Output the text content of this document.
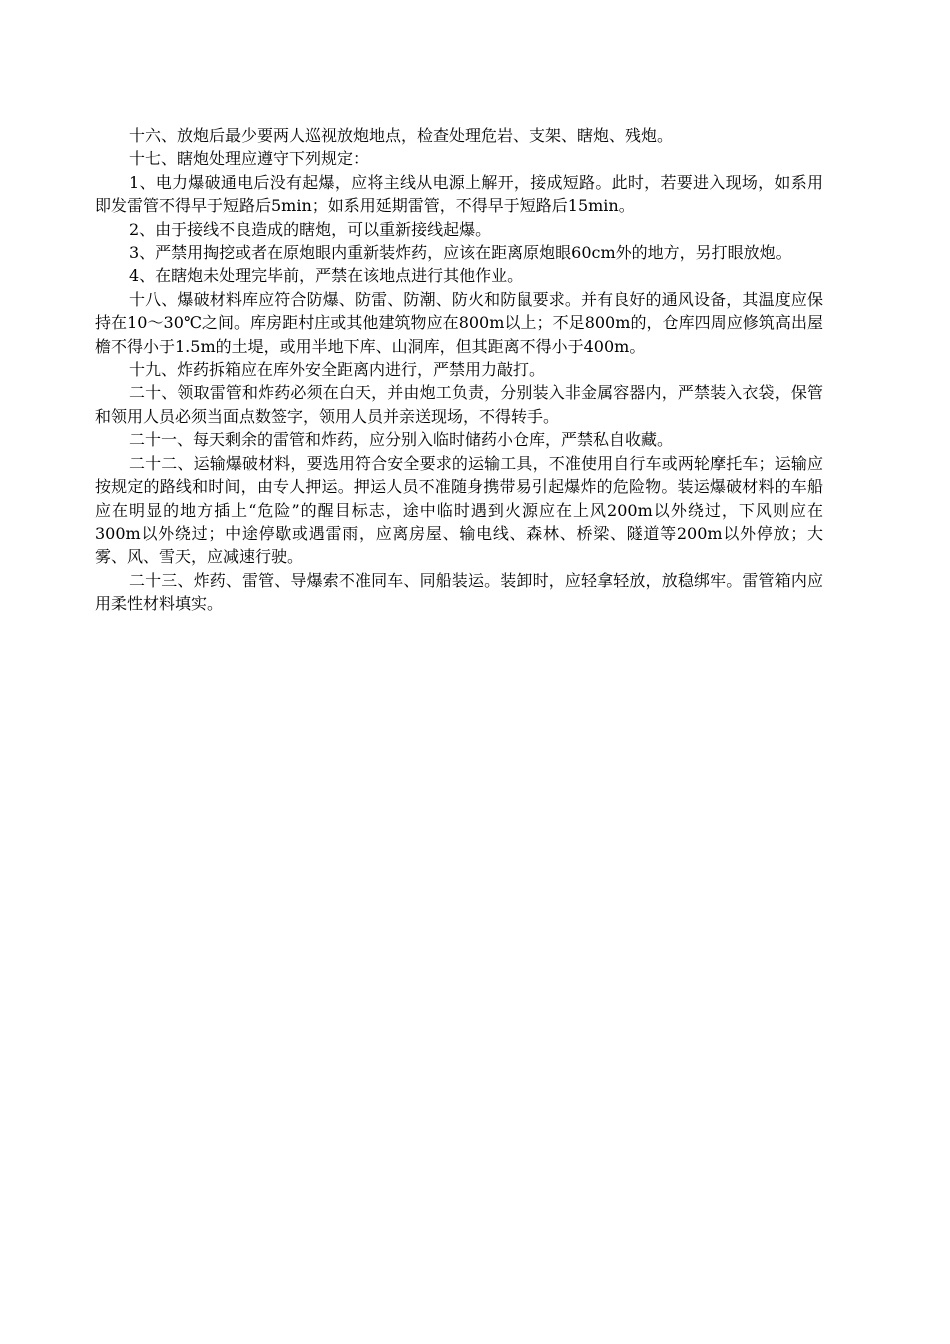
十六、放炮后最少要两人巡视放炮地点，检查处理危岩、支架、瞎炮、残炮。

十七、瞎炮处理应遵守下列规定：

1、电力爆破通电后没有起爆，应将主线从电源上解开，接成短路。此时，若要进入现场，如系用即发雷管不得早于短路后5min；如系用延期雷管，不得早于短路后15min。

2、由于接线不良造成的瞎炮，可以重新接线起爆。

3、严禁用掏挖或者在原炮眼内重新装炸药，应该在距离原炮眼60cm外的地方，另打眼放炮。

4、在瞎炮未处理完毕前，严禁在该地点进行其他作业。

十八、爆破材料库应符合防爆、防雷、防潮、防火和防鼠要求。并有良好的通风设备，其温度应保持在10～30℃之间。库房距村庄或其他建筑物应在800m以上；不足800m的，仓库四周应修筑高出屋檐不得小于1.5m的土堤，或用半地下库、山洞库，但其距离不得小于400m。

十九、炸药拆箱应在库外安全距离内进行，严禁用力敲打。

二十、领取雷管和炸药必须在白天，并由炮工负责，分别装入非金属容器内，严禁装入衣袋，保管和领用人员必须当面点数签字，领用人员并亲送现场，不得转手。

二十一、每天剩余的雷管和炸药，应分别入临时储药小仓库，严禁私自收藏。

二十二、运输爆破材料，要选用符合安全要求的运输工具，不准使用自行车或两轮摩托车；运输应按规定的路线和时间，由专人押运。押运人员不准随身携带易引起爆炸的危险物。装运爆破材料的车船应在明显的地方插上“危险”的醒目标志，途中临时遇到火源应在上风200m以外绕过，下风则应在300m以外绕过；中途停歇或遇雷雨，应离房屋、输电线、森林、桥梁、隧道等200m以外停放；大雾、风、雪天，应减速行驶。

二十三、炸药、雷管、导爆索不准同车、同船装运。装卸时，应轻拿轻放，放稳绑牢。雷管箱内应用柔性材料填实。
